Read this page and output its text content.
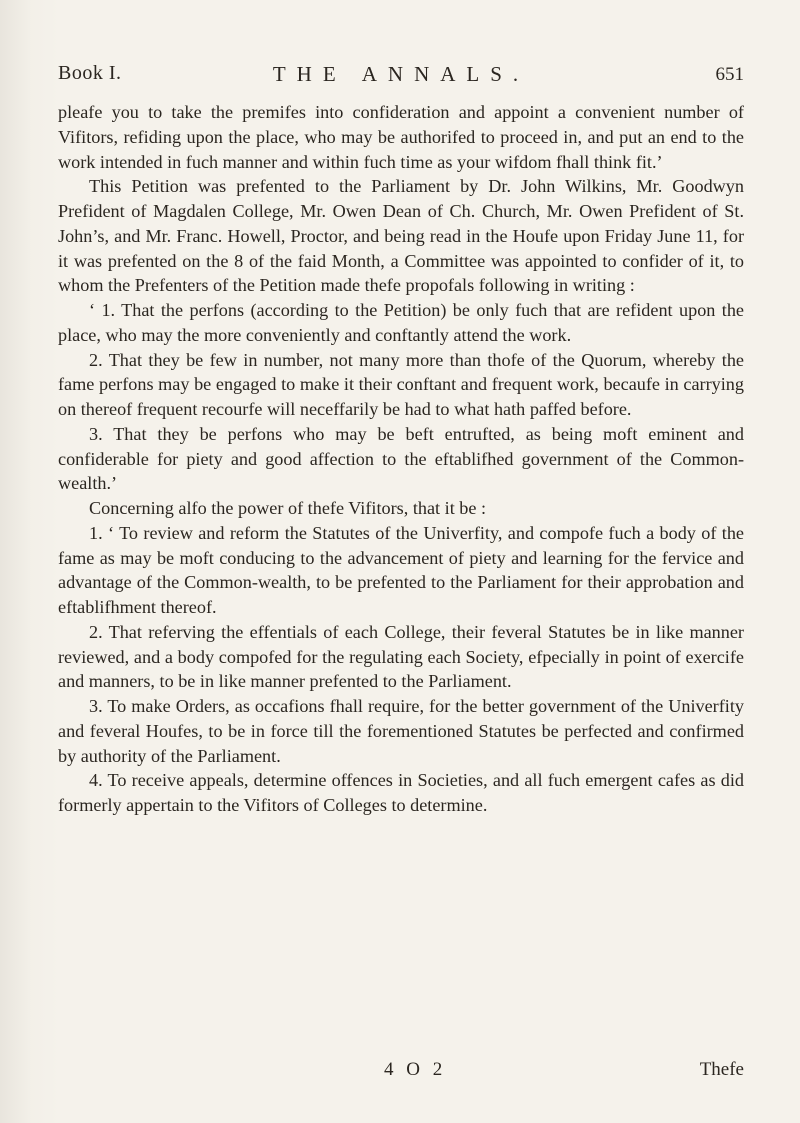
Book I.	THE ANNALS.	651

pleafe you to take the premifes into confideration and appoint a convenient number of Vifitors, refiding upon the place, who may be authorifed to proceed in, and put an end to the work intended in fuch manner and within fuch time as your wifdom fhall think fit.’

This Petition was prefented to the Parliament by Dr. John Wilkins, Mr. Goodwyn Prefident of Magdalen College, Mr. Owen Dean of Ch. Church, Mr. Owen Prefident of St. John’s, and Mr. Franc. Howell, Proctor, and being read in the Houfe upon Friday June 11, for it was prefented on the 8 of the faid Month, a Committee was appointed to confider of it, to whom the Prefenters of the Petition made thefe propofals following in writing :

‘ 1. That the perfons (according to the Petition) be only fuch that are refident upon the place, who may the more conveniently and conftantly attend the work.

2. That they be few in number, not many more than thofe of the Quorum, whereby the fame perfons may be engaged to make it their conftant and frequent work, becaufe in carrying on thereof frequent recourfe will neceffarily be had to what hath paffed before.

3. That they be perfons who may be beft entrufted, as being moft eminent and confiderable for piety and good affection to the eftablifhed government of the Common-wealth.’

Concerning alfo the power of thefe Vifitors, that it be :

1. ‘ To review and reform the Statutes of the Univerfity, and compofe fuch a body of the fame as may be moft conducing to the advancement of piety and learning for the fervice and advantage of the Common-wealth, to be prefented to the Parliament for their approbation and eftablifhment thereof.

2. That referving the effentials of each College, their feveral Statutes be in like manner reviewed, and a body compofed for the regulating each Society, efpecially in point of exercife and manners, to be in like manner prefented to the Parliament.

3. To make Orders, as occafions fhall require, for the better government of the Univerfity and feveral Houfes, to be in force till the forementioned Statutes be perfected and confirmed by authority of the Parliament.

4. To receive appeals, determine offences in Societies, and all fuch emergent cafes as did formerly appertain to the Vifitors of Colleges to determine.

4 O 2	Thefe
